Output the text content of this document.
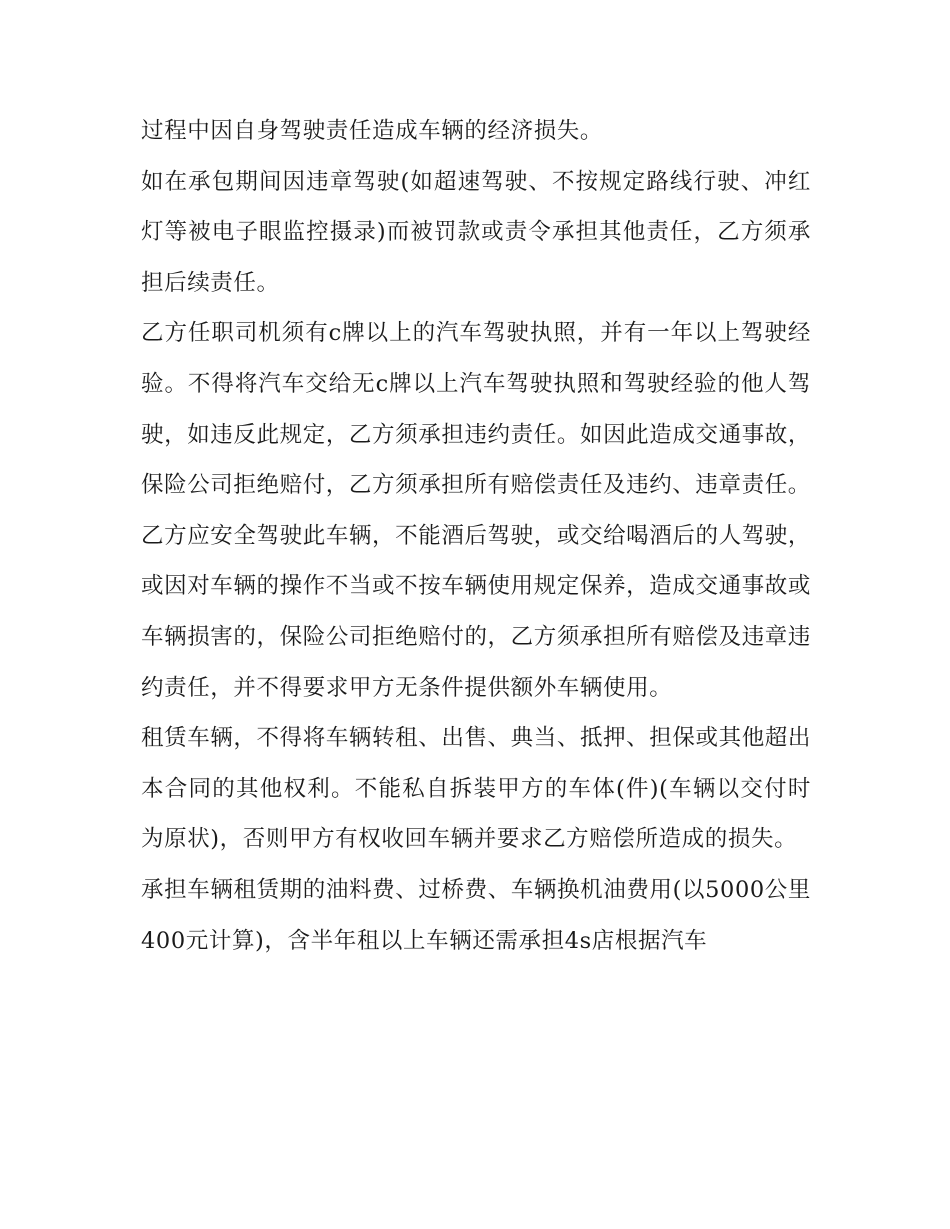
过程中因自身驾驶责任造成车辆的经济损失。

如在承包期间因违章驾驶(如超速驾驶、不按规定路线行驶、冲红灯等被电子眼监控摄录)而被罚款或责令承担其他责任，乙方须承担后续责任。

乙方任职司机须有c牌以上的汽车驾驶执照，并有一年以上驾驶经验。不得将汽车交给无c牌以上汽车驾驶执照和驾驶经验的他人驾驶，如违反此规定，乙方须承担违约责任。如因此造成交通事故，保险公司拒绝赔付，乙方须承担所有赔偿责任及违约、违章责任。

乙方应安全驾驶此车辆，不能酒后驾驶，或交给喝酒后的人驾驶，或因对车辆的操作不当或不按车辆使用规定保养，造成交通事故或车辆损害的，保险公司拒绝赔付的，乙方须承担所有赔偿及违章违约责任，并不得要求甲方无条件提供额外车辆使用。

租赁车辆，不得将车辆转租、出售、典当、抵押、担保或其他超出本合同的其他权利。不能私自拆装甲方的车体(件)(车辆以交付时为原状)，否则甲方有权收回车辆并要求乙方赔偿所造成的损失。

承担车辆租赁期的油料费、过桥费、车辆换机油费用(以5000公里400元计算)，含半年租以上车辆还需承担4s店根据汽车
